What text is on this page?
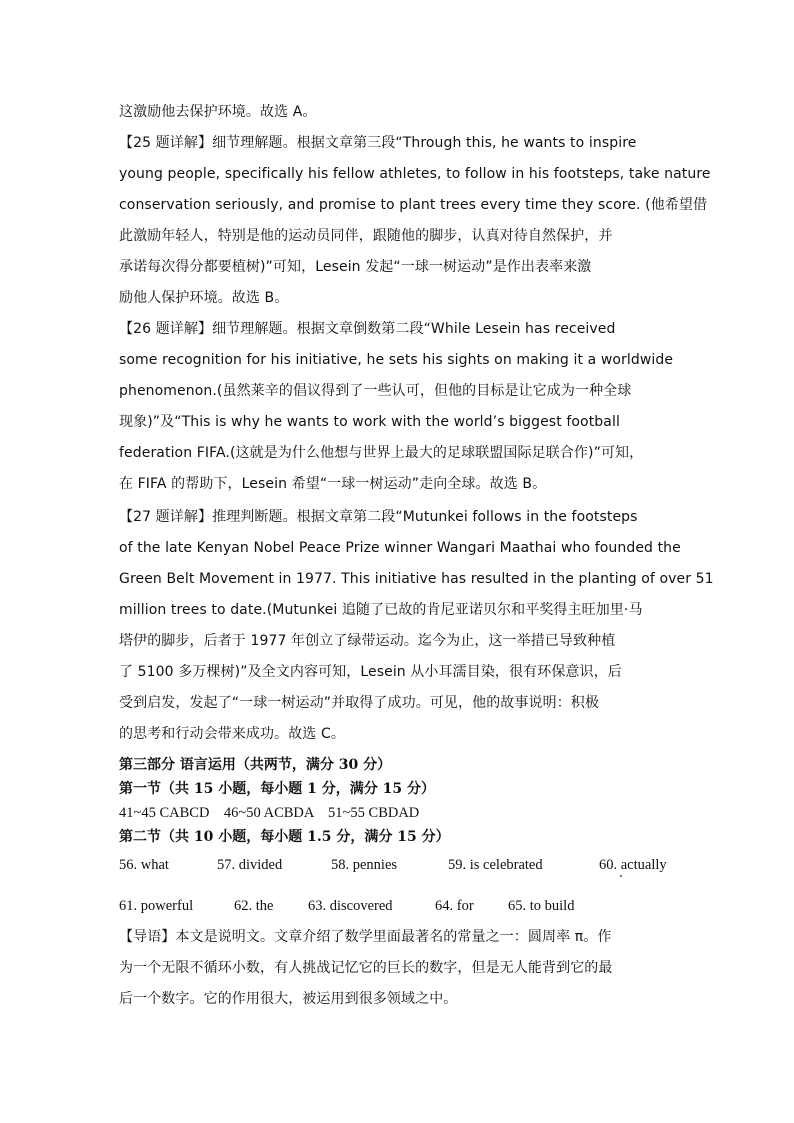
这激励他去保护环境。故选 A。
【25 题详解】细节理解题。根据文章第三段“Through this, he wants to inspire
young people, specifically his fellow athletes, to follow in his footsteps, take nature
conservation seriously, and promise to plant trees every time they score. (他希望借
此激励年轻人，特别是他的运动员同伴，跟随他的脚步，认真对待自然保护，并
承诺每次得分都要植树)”可知，Lesein 发起“一球一树运动”是作出表率来激
励他人保护环境。故选 B。
【26 题详解】细节理解题。根据文章倒数第二段“While Lesein has received
some recognition for his initiative, he sets his sights on making it a worldwide
phenomenon.(虽然莱辛的倡议得到了一些认可，但他的目标是让它成为一种全球
现象)”及“This is why he wants to work with the world’s biggest football
federation FIFA.(这就是为什么他想与世界上最大的足球联盟国际足联合作)”可知，
在 FIFA 的帮助下，Lesein 希望“一球一树运动”走向全球。故选 B。
【27 题详解】推理判断题。根据文章第二段“Mutunkei follows in the footsteps
of the late Kenyan Nobel Peace Prize winner Wangari Maathai who founded the
Green Belt Movement in 1977. This initiative has resulted in the planting of over 51
million trees to date.(Mutunkei 追随了已故的肯尼亚诺贝尔和平奖得主旺加里·马
塔伊的脚步，后者于 1977 年创立了绿带运动。迄今为止，这一举措已导致种植
了 5100 多万棵树)”及全文内容可知，Lesein 从小耳濡目染，很有环保意识，后
受到启发，发起了“一球一树运动”并取得了成功。可见，他的故事说明：积极
的思考和行动会带来成功。故选 C。
第三部分 语言运用（共两节，满分 30 分）
第一节（共 15 小题，每小题 1 分，满分 15 分）
41~45 CABCD    46~50 ACBDA    51~55 CBDAD
第二节（共 10 小题，每小题 1.5 分，满分 15 分）
56. what	57. divided	58. pennies	59. is celebrated	60. actually
61. powerful	62. the 63. discovered	64. for 65. to build
【导语】本文是说明文。文章介绍了数学里面最著名的常量之一：圆周率 π。作
为一个无限不循环小数，有人挑战记忆它的巨长的数字，但是无人能背到它的最
后一个数字。它的作用很大，被运用到很多领域之中。
